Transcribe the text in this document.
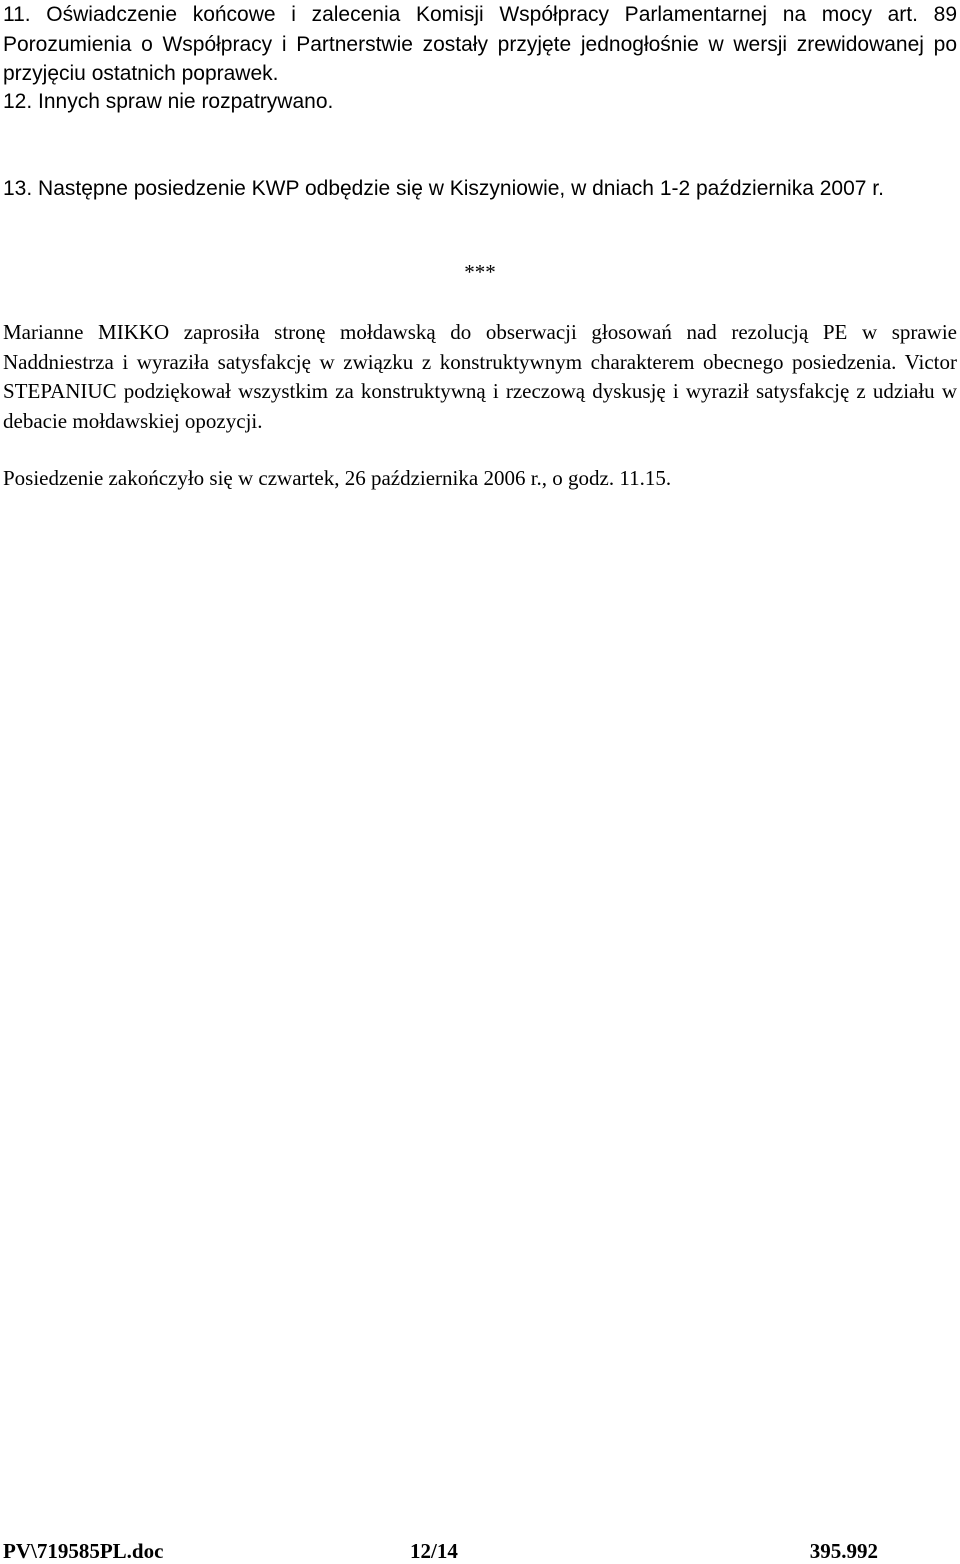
11. Oświadczenie końcowe i zalecenia Komisji Współpracy Parlamentarnej na mocy art. 89 Porozumienia o Współpracy i Partnerstwie zostały przyjęte jednogłośnie w wersji zrewidowanej po przyjęciu ostatnich poprawek.

12. Innych spraw nie rozpatrywano.

13. Następne posiedzenie KWP odbędzie się w Kiszyniowie, w dniach 1-2 października 2007 r.

***

Marianne MIKKO zaprosiła stronę mołdawską do obserwacji głosowań nad rezolucją PE w sprawie Naddniestrza i wyraziła satysfakcję w związku z konstruktywnym charakterem obecnego posiedzenia. Victor STEPANIUC podziękował wszystkim za konstruktywną i rzeczową dyskusję i wyraził satysfakcję z udziału w debacie mołdawskiej opozycji.

Posiedzenie zakończyło się w czwartek, 26 października 2006 r., o godz. 11.15.

PV\719585PL.doc	12/14	395.992
